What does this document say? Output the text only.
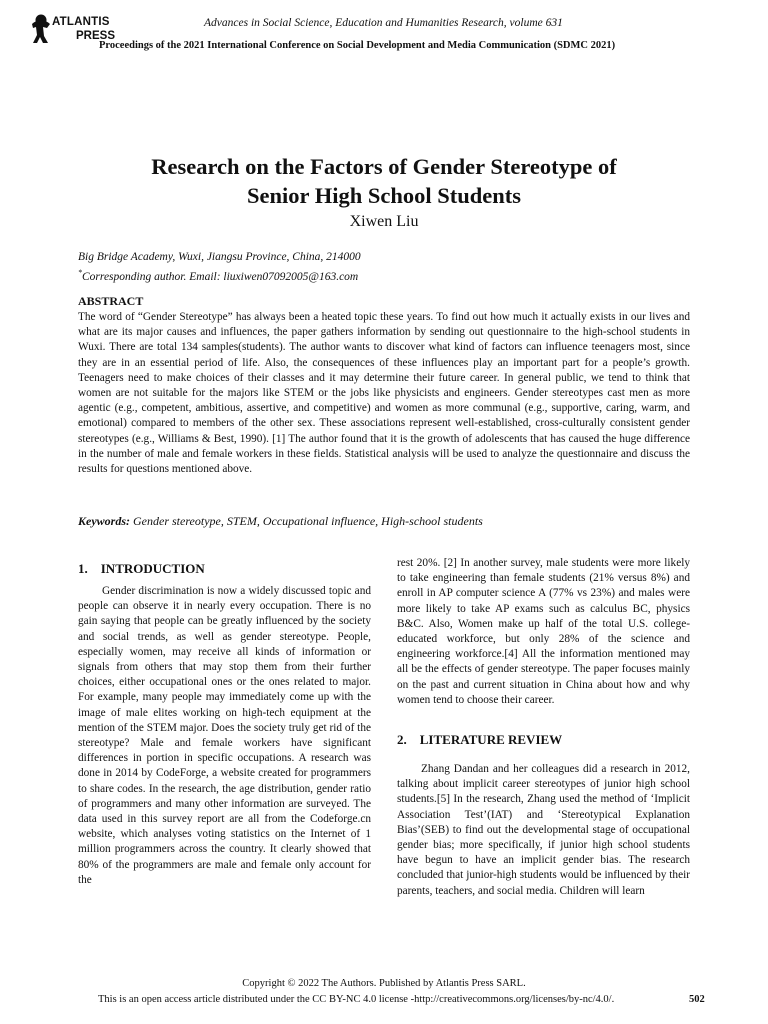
ATLANTIS
PRESS
Advances in Social Science, Education and Humanities Research, volume 631
Proceedings of the 2021 International Conference on Social Development and Media Communication (SDMC 2021)
Research on the Factors of Gender Stereotype of
Senior High School Students
Xiwen Liu
Big Bridge Academy, Wuxi, Jiangsu Province, China, 214000
*Corresponding author. Email: liuxiwen07092005@163.com
ABSTRACT
The word of “Gender Stereotype” has always been a heated topic these years. To find out how much it actually exists in our lives and what are its major causes and influences, the paper gathers information by sending out questionnaire to the high-school students in Wuxi. There are total 134 samples(students). The author wants to discover what kind of factors can influence teenagers most, since they are in an essential period of life. Also, the consequences of these influences play an important part for a people’s growth. Teenagers need to make choices of their classes and it may determine their future career. In general public, we tend to think that women are not suitable for the majors like STEM or the jobs like physicists and engineers. Gender stereotypes cast men as more agentic (e.g., competent, ambitious, assertive, and competitive) and women as more communal (e.g., supportive, caring, warm, and emotional) compared to members of the other sex. These associations represent well-established, cross-culturally consistent gender stereotypes (e.g., Williams & Best, 1990). [1] The author found that it is the growth of adolescents that has caused the huge difference in the number of male and female workers in these fields. Statistical analysis will be used to analyze the questionnaire and discuss the results for questions mentioned above.
Keywords: Gender stereotype, STEM, Occupational influence, High-school students
1.    INTRODUCTION

Gender discrimination is now a widely discussed topic and people can observe it in nearly every occupation. There is no gain saying that people can be greatly influenced by the society and social trends, as well as gender stereotype. People, especially women, may receive all kinds of information or signals from others that may stop them from their further choices, either occupational ones or the ones related to major. For example, many people may immediately come up with the image of male elites working on high-tech equipment at the mention of the STEM major. Does the society truly get rid of the stereotype? Male and female workers have significant differences in portion in specific occupations. A research was done in 2014 by CodeForge, a website created for programmers to share codes. In the research, the age distribution, gender ratio of programmers and many other information are surveyed. The data used in this survey report are all from the Codeforge.cn website, which analyses voting statistics on the Internet of 1 million programmers across the country. It clearly showed that 80% of the programmers are male and female only account for the

rest 20%. [2] In another survey, male students were more likely to take engineering than female students (21% versus 8%) and enroll in AP computer science A (77% vs 23%) and males were more likely to take AP exams such as calculus BC, physics B&C. Also, Women make up half of the total U.S. college-educated workforce, but only 28% of the science and engineering workforce.[4] All the information mentioned may all be the effects of gender stereotype. The paper focuses mainly on the past and current situation in China about how and why women tend to choose their career.

2.    LITERATURE REVIEW

Zhang Dandan and her colleagues did a research in 2012, talking about implicit career stereotypes of junior high school students.[5] In the research, Zhang used the method of ‘Implicit Association Test’(IAT) and ‘Stereotypical Explanation Bias’(SEB) to find out the developmental stage of occupational gender bias; more specifically, if junior high school students have begun to have an implicit gender bias. The research concluded that junior-high students would be influenced by their parents, teachers, and social media. Children will learn

Copyright © 2022 The Authors. Published by Atlantis Press SARL.
This is an open access article distributed under the CC BY-NC 4.0 license -http://creativecommons.org/licenses/by-nc/4.0/.	502
